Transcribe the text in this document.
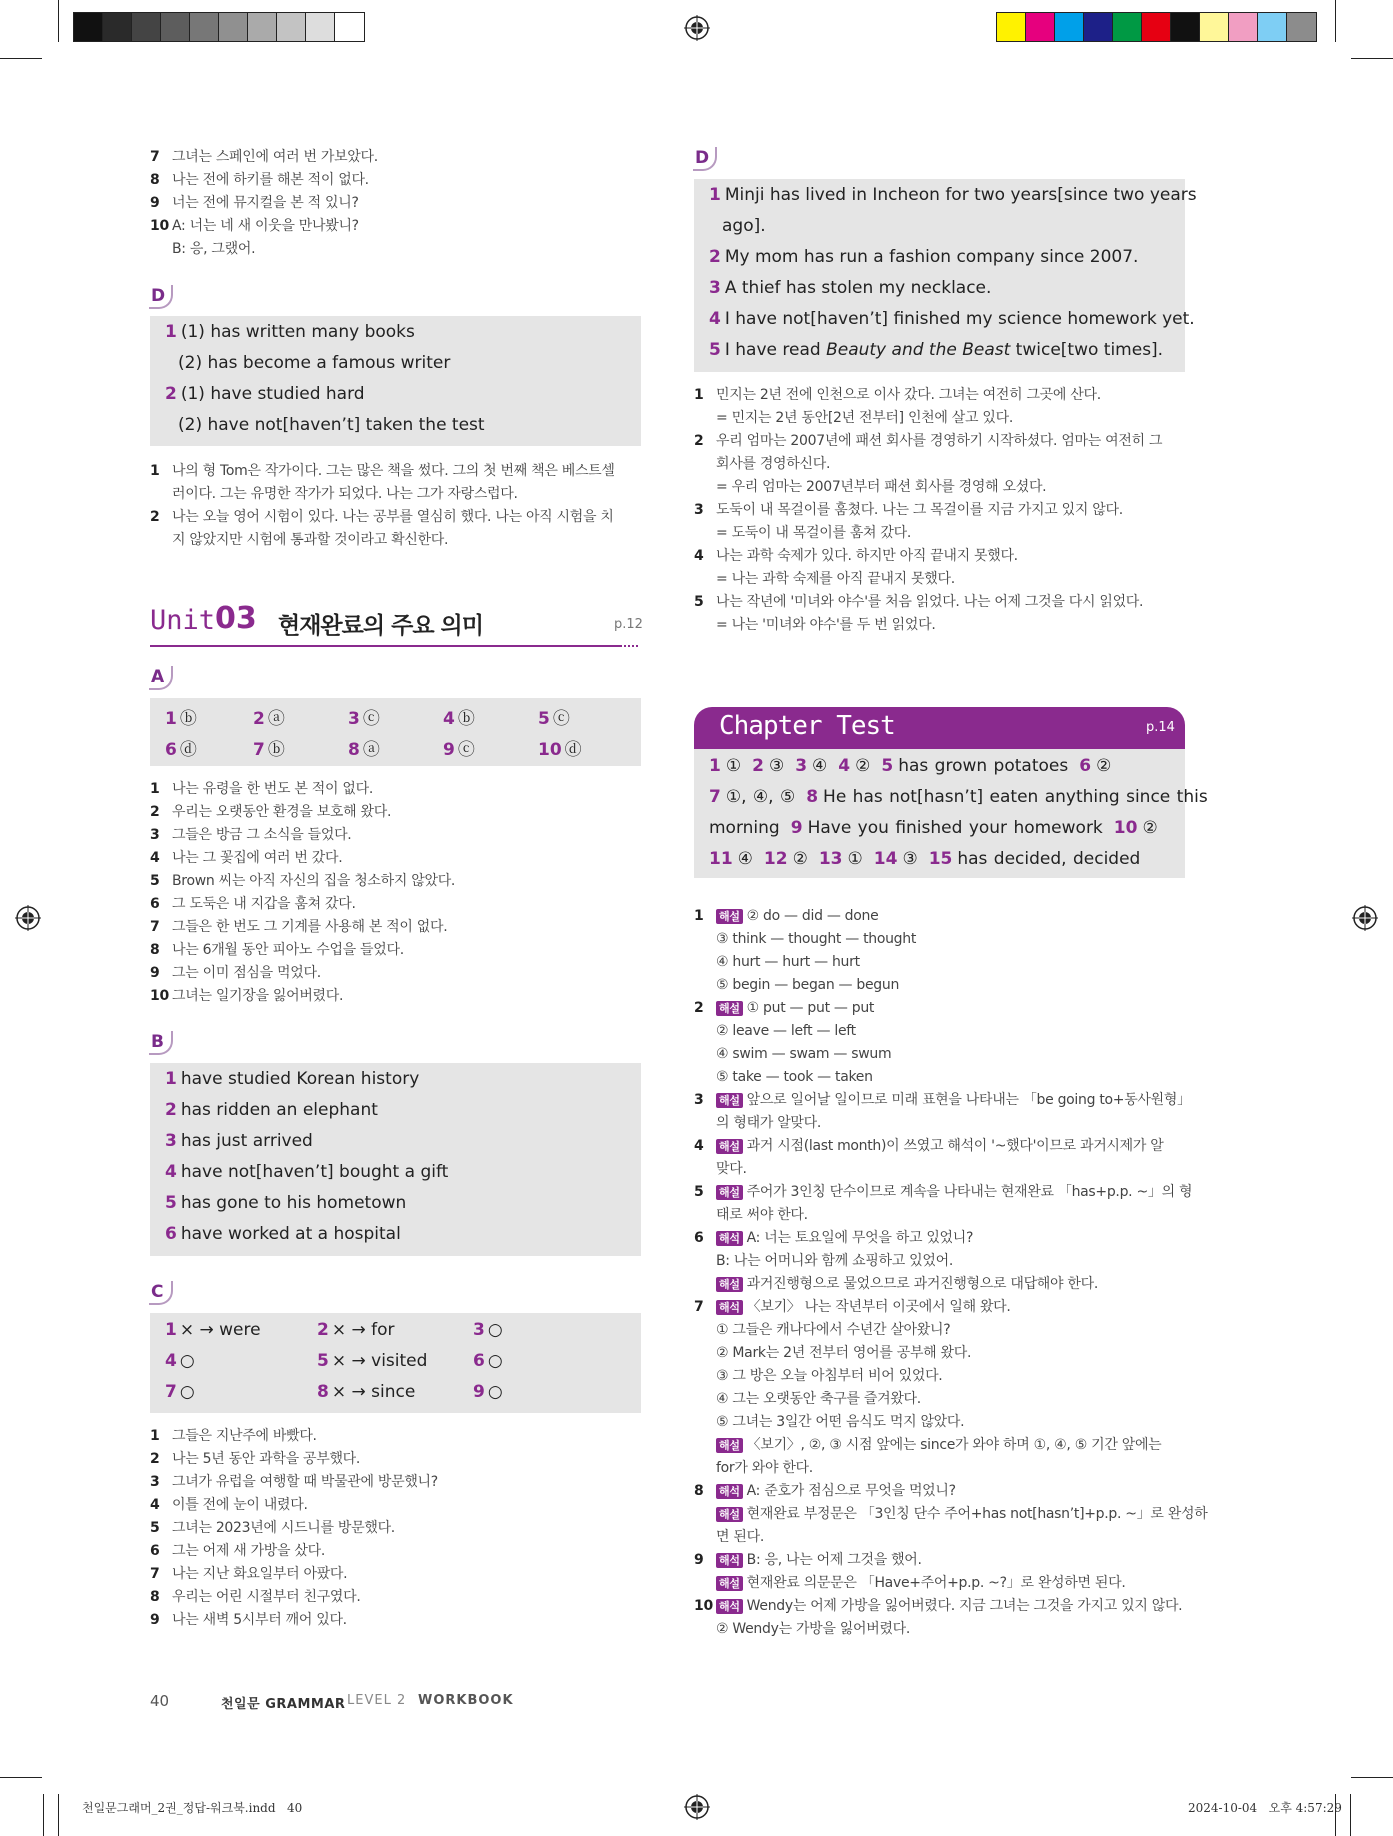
7 그녀는 스페인에 여러 번 가보았다.
8 나는 전에 하키를 해본 적이 없다.
9 너는 전에 뮤지컬을 본 적 있니?
10 A: 너는 네 새 이웃을 만나봤니?
B: 응, 그랬어.
D
1 (1) has written many books
(2) has become a famous writer
2 (1) have studied hard
(2) have not[haven’t] taken the test
1 나의 형 Tom은 작가이다. 그는 많은 책을 썼다. 그의 첫 번째 책은 베스트셀
러이다. 그는 유명한 작가가 되었다. 나는 그가 자랑스럽다.
2 나는 오늘 영어 시험이 있다. 나는 공부를 열심히 했다. 나는 아직 시험을 치
지 않았지만 시험에 통과할 것이라고 확신한다.
Unit 03 현재완료의 주요 의미	p.12
A
1 ⓑ	2 ⓐ	3 ⓒ	4 ⓑ	5 ⓒ
6 ⓓ	7 ⓑ	8 ⓐ	9 ⓒ	10 ⓓ
1 나는 유령을 한 번도 본 적이 없다.
2 우리는 오랫동안 환경을 보호해 왔다.
3 그들은 방금 그 소식을 들었다.
4 나는 그 꽃집에 여러 번 갔다.
5 Brown 씨는 아직 자신의 집을 청소하지 않았다.
6 그 도둑은 내 지갑을 훔쳐 갔다.
7 그들은 한 번도 그 기계를 사용해 본 적이 없다.
8 나는 6개월 동안 피아노 수업을 들었다.
9 그는 이미 점심을 먹었다.
10 그녀는 일기장을 잃어버렸다.
B
1 have studied Korean history
2 has ridden an elephant
3 has just arrived
4 have not[haven’t] bought a gift
5 has gone to his hometown
6 have worked at a hospital
C
1 × → were	2 × → for	3 ○
4 ○	5 × → visited	6 ○
7 ○	8 × → since	9 ○
1 그들은 지난주에 바빴다.
2 나는 5년 동안 과학을 공부했다.
3 그녀가 유럽을 여행할 때 박물관에 방문했니?
4 이틀 전에 눈이 내렸다.
5 그녀는 2023년에 시드니를 방문했다.
6 그는 어제 새 가방을 샀다.
7 나는 지난 화요일부터 아팠다.
8 우리는 어린 시절부터 친구였다.
9 나는 새벽 5시부터 깨어 있다.
40	천일문 GRAMMAR LEVEL 2 WORKBOOK
천일문그래머_2권_정답-워크북.indd   40	2024-10-04   오후 4:57:29
D
1 Minji has lived in Incheon for two years[since two years
ago].
2 My mom has run a fashion company since 2007.
3 A thief has stolen my necklace.
4 I have not[haven’t] finished my science homework yet.
5 I have read Beauty and the Beast twice[two times].
1 민지는 2년 전에 인천으로 이사 갔다. 그녀는 여전히 그곳에 산다.
= 민지는 2년 동안[2년 전부터] 인천에 살고 있다.
2 우리 엄마는 2007년에 패션 회사를 경영하기 시작하셨다. 엄마는 여전히 그
회사를 경영하신다.
= 우리 엄마는 2007년부터 패션 회사를 경영해 오셨다.
3 도둑이 내 목걸이를 훔쳤다. 나는 그 목걸이를 지금 가지고 있지 않다.
= 도둑이 내 목걸이를 훔쳐 갔다.
4 나는 과학 숙제가 있다. 하지만 아직 끝내지 못했다.
= 나는 과학 숙제를 아직 끝내지 못했다.
5 나는 작년에 '미녀와 야수'를 처음 읽었다. 나는 어제 그것을 다시 읽었다.
= 나는 '미녀와 야수'를 두 번 읽었다.
Chapter Test	p.14
1 ① 2 ③ 3 ④ 4 ② 5 has grown potatoes 6 ②
7 ①, ④, ⑤ 8 He has not[hasn’t] eaten anything since this
morning 9 Have you finished your homework 10 ②
11 ④ 12 ② 13 ① 14 ③ 15 has decided, decided
1 해설 ② do — did — done
③ think — thought — thought
④ hurt — hurt — hurt
⑤ begin — began — begun
2 해설 ① put — put — put
② leave — left — left
④ swim — swam — swum
⑤ take — took — taken
3 해설 앞으로 일어날 일이므로 미래 표현을 나타내는 「be going to+동사원형」
의 형태가 알맞다.
4 해설 과거 시점(last month)이 쓰였고 해석이 '~했다'이므로 과거시제가 알
맞다.
5 해설 주어가 3인칭 단수이므로 계속을 나타내는 현재완료 「has+p.p. ~」의 형
태로 써야 한다.
6 해석 A: 너는 토요일에 무엇을 하고 있었니?
B: 나는 어머니와 함께 쇼핑하고 있었어.
해설 과거진행형으로 물었으므로 과거진행형으로 대답해야 한다.
7 해석 〈보기〉 나는 작년부터 이곳에서 일해 왔다.
① 그들은 캐나다에서 수년간 살아왔니?
② Mark는 2년 전부터 영어를 공부해 왔다.
③ 그 방은 오늘 아침부터 비어 있었다.
④ 그는 오랫동안 축구를 즐겨왔다.
⑤ 그녀는 3일간 어떤 음식도 먹지 않았다.
해설 〈보기〉, ②, ③ 시점 앞에는 since가 와야 하며 ①, ④, ⑤ 기간 앞에는
for가 와야 한다.
8 해석 A: 준호가 점심으로 무엇을 먹었니?
해설 현재완료 부정문은 「3인칭 단수 주어+has not[hasn’t]+p.p. ~」로 완성하
면 된다.
9 해석 B: 응, 나는 어제 그것을 했어.
해설 현재완료 의문문은 「Have+주어+p.p. ~?」로 완성하면 된다.
10 해석 Wendy는 어제 가방을 잃어버렸다. 지금 그녀는 그것을 가지고 있지 않다.
② Wendy는 가방을 잃어버렸다.
